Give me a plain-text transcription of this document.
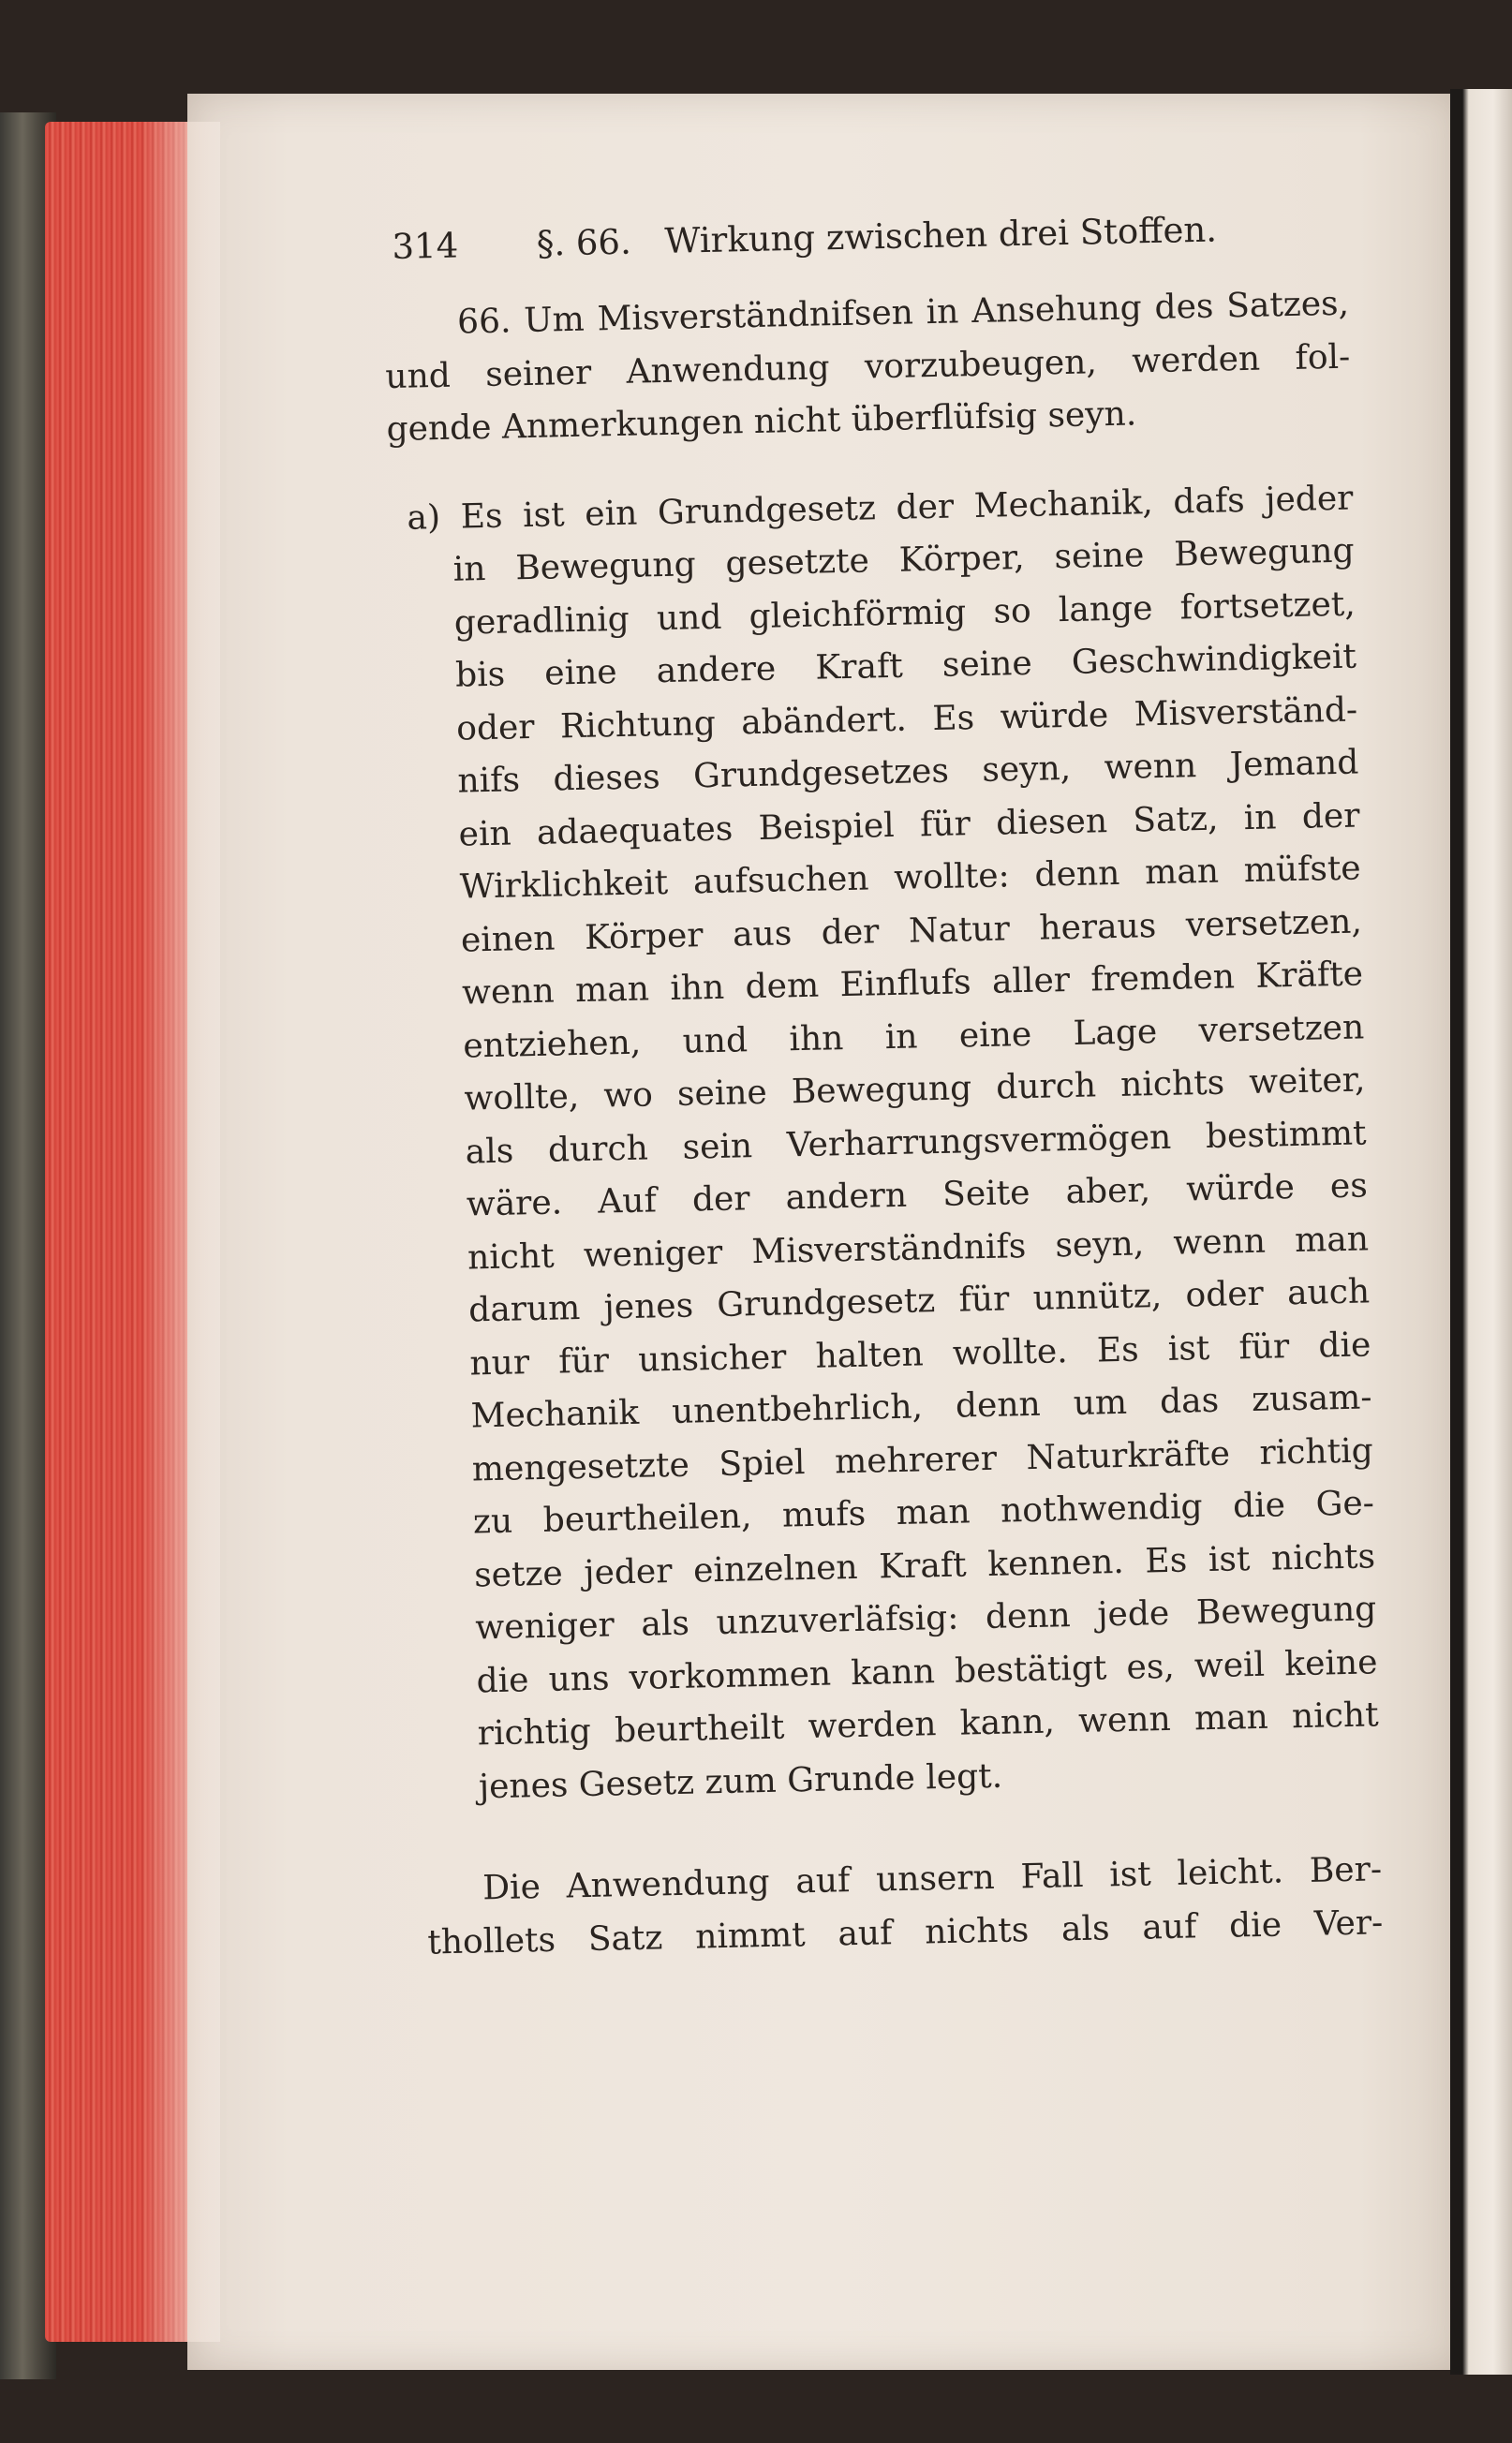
314 §. 66. Wirkung zwischen drei Stoffen.
66. Um Misverständnifsen in Ansehung des Satzes,
und seiner Anwendung vorzubeugen, werden fol-
gende Anmerkungen nicht überflüfsig seyn.
a) Es ist ein Grundgesetz der Mechanik, dafs jeder
in Bewegung gesetzte Körper, seine Bewegung
geradlinig und gleichförmig so lange fortsetzet,
bis eine andere Kraft seine Geschwindigkeit
oder Richtung abändert. Es würde Misverständ-
nifs dieses Grundgesetzes seyn, wenn Jemand
ein adaequates Beispiel für diesen Satz, in der
Wirklichkeit aufsuchen wollte: denn man müfste
einen Körper aus der Natur heraus versetzen,
wenn man ihn dem Einflufs aller fremden Kräfte
entziehen, und ihn in eine Lage versetzen
wollte, wo seine Bewegung durch nichts weiter,
als durch sein Verharrungsvermögen bestimmt
wäre. Auf der andern Seite aber, würde es
nicht weniger Misverständnifs seyn, wenn man
darum jenes Grundgesetz für unnütz, oder auch
nur für unsicher halten wollte. Es ist für die
Mechanik unentbehrlich, denn um das zusam-
mengesetzte Spiel mehrerer Naturkräfte richtig
zu beurtheilen, mufs man nothwendig die Ge-
setze jeder einzelnen Kraft kennen. Es ist nichts
weniger als unzuverläfsig: denn jede Bewegung
die uns vorkommen kann bestätigt es, weil keine
richtig beurtheilt werden kann, wenn man nicht
jenes Gesetz zum Grunde legt.
Die Anwendung auf unsern Fall ist leicht. Ber-
thollets Satz nimmt auf nichts als auf die Ver-
